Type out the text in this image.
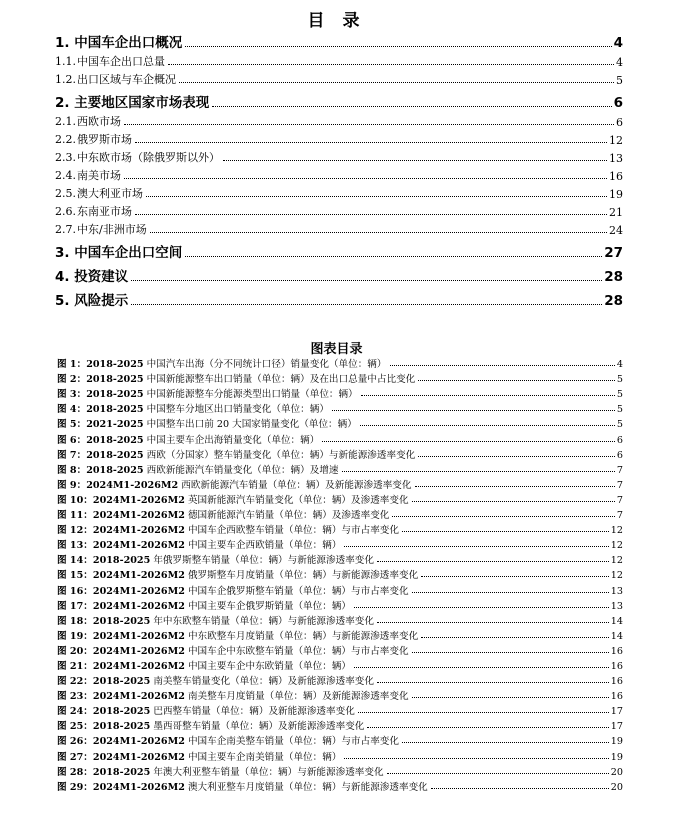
目 录
1. 中国车企出口概况	4
1.1.中国车企出口总量	4
1.2.出口区域与车企概况	5
2. 主要地区国家市场表现	6
2.1.西欧市场	6
2.2.俄罗斯市场	12
2.3.中东欧市场（除俄罗斯以外）	13
2.4.南美市场	16
2.5.澳大利亚市场	19
2.6.东南亚市场	21
2.7.中东/非洲市场	24
3. 中国车企出口空间	27
4. 投资建议	28
5. 风险提示	28
图表目录
图 1：2018-2025 中国汽车出海（分不同统计口径）销量变化（单位：辆）	4
图 2：2018-2025 中国新能源整车出口销量（单位：辆）及在出口总量中占比变化	5
图 3：2018-2025 中国新能源整车分能源类型出口销量（单位：辆）	5
图 4：2018-2025 中国整车分地区出口销量变化（单位：辆）	5
图 5：2021-2025 中国整车出口前 20 大国家销量变化（单位：辆）	5
图 6：2018-2025 中国主要车企出海销量变化（单位：辆）	6
图 7：2018-2025 西欧（分国家）整车销量变化（单位：辆）与新能源渗透率变化	6
图 8：2018-2025 西欧新能源汽车销量变化（单位：辆）及增速	7
图 9：2024M1-2026M2 西欧新能源汽车销量（单位：辆）及新能源渗透率变化	7
图 10：2024M1-2026M2 英国新能源汽车销量变化（单位：辆）及渗透率变化	7
图 11：2024M1-2026M2 德国新能源汽车销量（单位：辆）及渗透率变化	7
图 12：2024M1-2026M2 中国车企西欧整车销量（单位：辆）与市占率变化	12
图 13：2024M1-2026M2 中国主要车企西欧销量（单位：辆）	12
图 14：2018-2025 年俄罗斯整车销量（单位：辆）与新能源渗透率变化	12
图 15：2024M1-2026M2 俄罗斯整车月度销量（单位：辆）与新能源渗透率变化	12
图 16：2024M1-2026M2 中国车企俄罗斯整车销量（单位：辆）与市占率变化	13
图 17：2024M1-2026M2 中国主要车企俄罗斯销量（单位：辆）	13
图 18：2018-2025 年中东欧整车销量（单位：辆）与新能源渗透率变化	14
图 19：2024M1-2026M2 中东欧整车月度销量（单位：辆）与新能源渗透率变化	14
图 20：2024M1-2026M2 中国车企中东欧整车销量（单位：辆）与市占率变化	16
图 21：2024M1-2026M2 中国主要车企中东欧销量（单位：辆）	16
图 22：2018-2025 南美整车销量变化（单位：辆）及新能源渗透率变化	16
图 23：2024M1-2026M2 南美整车月度销量（单位：辆）及新能源渗透率变化	16
图 24：2018-2025 巴西整车销量（单位：辆）及新能源渗透率变化	17
图 25：2018-2025 墨西哥整车销量（单位：辆）及新能源渗透率变化	17
图 26：2024M1-2026M2 中国车企南美整车销量（单位：辆）与市占率变化	19
图 27：2024M1-2026M2 中国主要车企南美销量（单位：辆）	19
图 28：2018-2025 年澳大利亚整车销量（单位：辆）与新能源渗透率变化	20
图 29：2024M1-2026M2 澳大利亚整车月度销量（单位：辆）与新能源渗透率变化	20
